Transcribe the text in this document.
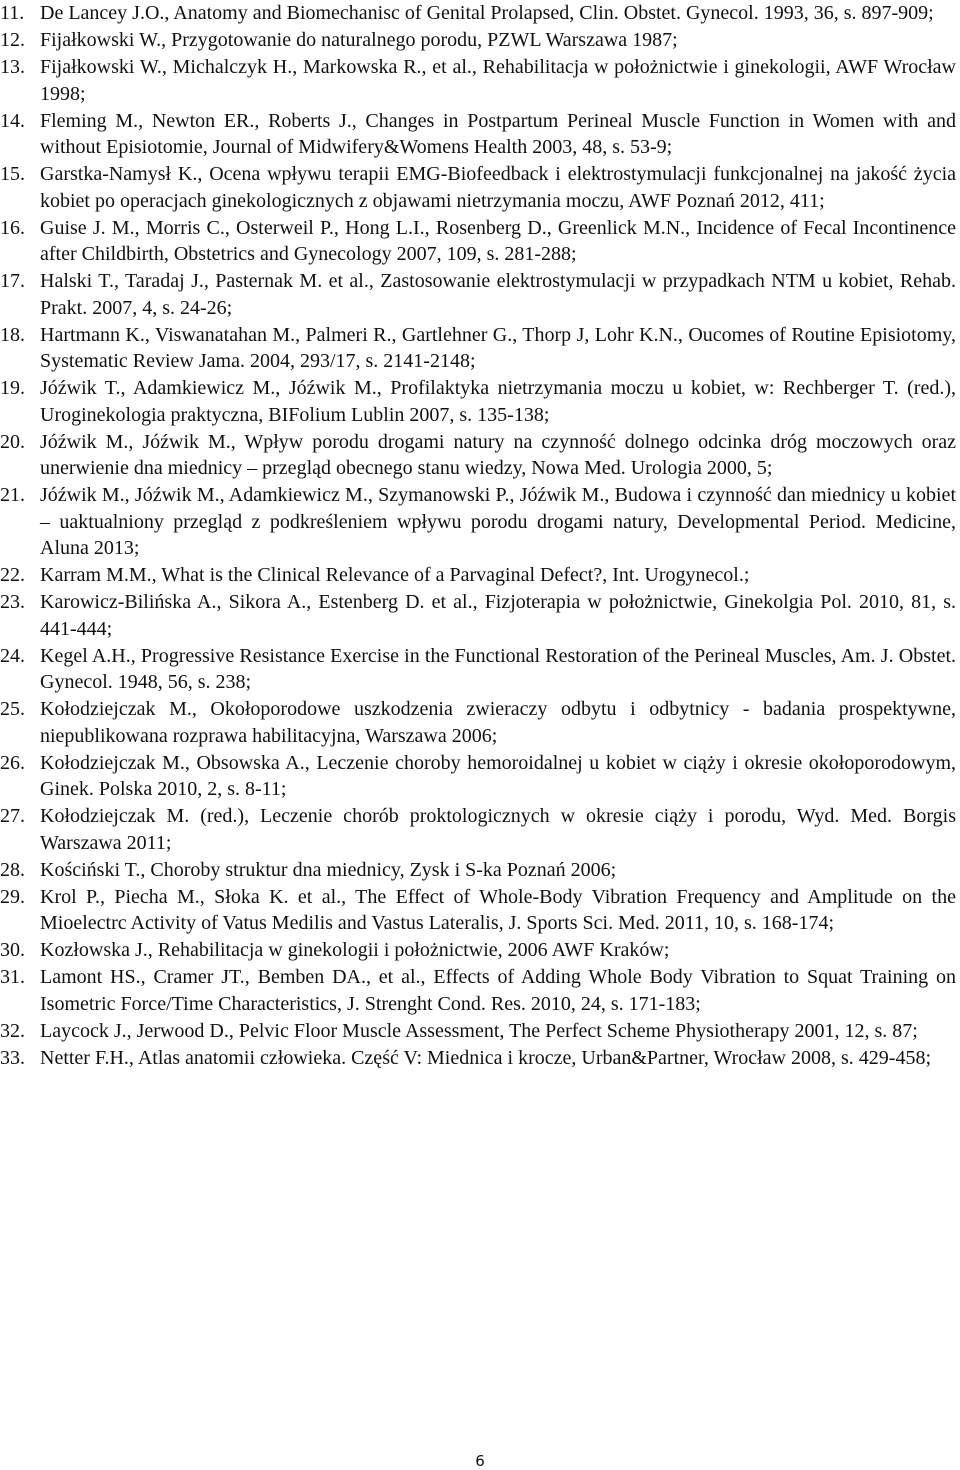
11. De Lancey J.O., Anatomy and Biomechanisc of Genital Prolapsed, Clin. Obstet. Gynecol. 1993, 36, s. 897-909;
12. Fijałkowski W., Przygotowanie do naturalnego porodu, PZWL Warszawa 1987;
13. Fijałkowski W., Michalczyk H., Markowska R., et al., Rehabilitacja w położnictwie i ginekologii, AWF Wrocław 1998;
14. Fleming M., Newton ER., Roberts J., Changes in Postpartum Perineal Muscle Function in Women with and without Episiotomie, Journal of Midwifery&Womens Health 2003, 48, s. 53-9;
15. Garstka-Namysł K., Ocena wpływu terapii EMG-Biofeedback i elektrostymulacji funkcjonalnej na jakość życia kobiet po operacjach ginekologicznych z objawami nietrzymania moczu, AWF Poznań 2012, 411;
16. Guise J. M., Morris C., Osterweil P., Hong L.I., Rosenberg D., Greenlick M.N., Incidence of Fecal Incontinence after Childbirth, Obstetrics and Gynecology 2007, 109, s. 281-288;
17. Halski T., Taradaj J., Pasternak M. et al., Zastosowanie elektrostymulacji w przypadkach NTM u kobiet, Rehab. Prakt. 2007, 4, s. 24-26;
18. Hartmann K., Viswanatahan M., Palmeri R., Gartlehner G., Thorp J, Lohr K.N., Oucomes of Routine Episiotomy, Systematic Review Jama. 2004, 293/17, s. 2141-2148;
19. Jóźwik T., Adamkiewicz M., Jóźwik M., Profilaktyka nietrzymania moczu u kobiet, w: Rechberger T. (red.), Uroginekologia praktyczna, BIFolium Lublin 2007, s. 135-138;
20. Jóźwik M., Jóźwik M., Wpływ porodu drogami natury na czynność dolnego odcinka dróg moczowych oraz unerwienie dna miednicy – przegląd obecnego stanu wiedzy, Nowa Med. Urologia 2000, 5;
21. Jóźwik M., Jóźwik M., Adamkiewicz M., Szymanowski P., Jóźwik M., Budowa i czynność dan miednicy u kobiet – uaktualniony przegląd z podkreśleniem wpływu porodu drogami natury, Developmental Period. Medicine, Aluna 2013;
22. Karram M.M., What is the Clinical Relevance of a Parvaginal Defect?, Int. Urogynecol.;
23. Karowicz-Bilińska A., Sikora A., Estenberg D. et al., Fizjoterapia w położnictwie, Ginekolgia Pol. 2010, 81, s. 441-444;
24. Kegel A.H., Progressive Resistance Exercise in the Functional Restoration of the Perineal Muscles, Am. J. Obstet. Gynecol. 1948, 56, s. 238;
25. Kołodziejczak M., Okołoporodowe uszkodzenia zwieraczy odbytu i odbytnicy - badania prospektywne, niepublikowana rozprawa habilitacyjna, Warszawa 2006;
26. Kołodziejczak M., Obsowska A., Leczenie choroby hemoroidalnej u kobiet w ciąży i okresie okołoporodowym, Ginek. Polska 2010, 2, s. 8-11;
27. Kołodziejczak M. (red.), Leczenie chorób proktologicznych w okresie ciąży i porodu, Wyd. Med. Borgis Warszawa 2011;
28. Kościński T., Choroby struktur dna miednicy, Zysk i S-ka Poznań 2006;
29. Krol P., Piecha M., Słoka K. et al., The Effect of Whole-Body Vibration Frequency and Amplitude on the Mioelectrc Activity of Vatus Medilis and Vastus Lateralis, J. Sports Sci. Med. 2011, 10, s. 168-174;
30. Kozłowska J., Rehabilitacja w ginekologii i położnictwie, 2006 AWF Kraków;
31. Lamont HS., Cramer JT., Bemben DA., et al., Effects of Adding Whole Body Vibration to Squat Training on Isometric Force/Time Characteristics, J. Strenght Cond. Res. 2010, 24, s. 171-183;
32. Laycock J., Jerwood D., Pelvic Floor Muscle Assessment, The Perfect Scheme Physiotherapy 2001, 12, s. 87;
33. Netter F.H., Atlas anatomii człowieka. Część V: Miednica i krocze, Urban&Partner, Wrocław 2008, s. 429-458;
6
